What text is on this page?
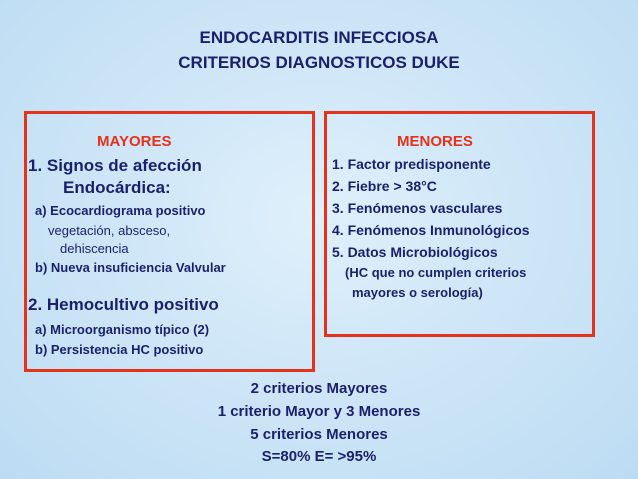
ENDOCARDITIS INFECCIOSA
CRITERIOS DIAGNOSTICOS DUKE
MAYORES
1. Signos de afección
Endocárdica:
a) Ecocardiograma positivo
vegetación, absceso,
dehiscencia
b) Nueva insuficiencia Valvular
2. Hemocultivo positivo
a) Microorganismo típico (2)
b) Persistencia HC positivo
MENORES
1. Factor predisponente
2. Fiebre > 38°C
3. Fenómenos vasculares
4. Fenómenos Inmunológicos
5. Datos Microbiológicos
(HC que no cumplen criterios
mayores o serología)
2 criterios Mayores
1 criterio Mayor y 3 Menores
5 criterios Menores
S=80% E= >95%
